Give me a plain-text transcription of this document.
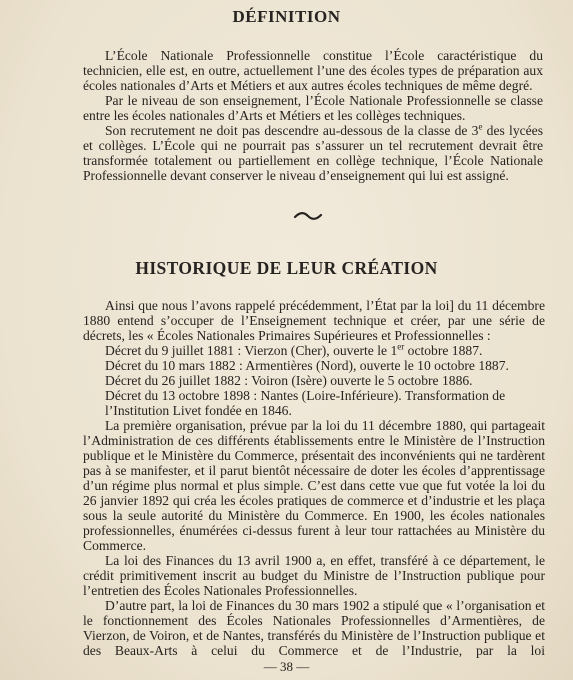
DÉFINITION

L’École Nationale Professionnelle constitue l’École caractéristique du technicien, elle est, en outre, actuellement l’une des écoles types de préparation aux écoles nationales d’Arts et Métiers et aux autres écoles techniques de même degré.

Par le niveau de son enseignement, l’École Nationale Professionnelle se classe entre les écoles nationales d’Arts et Métiers et les collèges techniques.

Son recrutement ne doit pas descendre au-dessous de la classe de 3e des lycées et collèges. L’École qui ne pourrait pas s’assurer un tel recrutement devrait être transformée totalement ou partiellement en collège technique, l’École Nationale Professionnelle devant conserver le niveau d’enseignement qui lui est assigné.

HISTORIQUE DE LEUR CRÉATION

Ainsi que nous l’avons rappelé précédemment, l’État par la loi] du 11 décembre 1880 entend s’occuper de l’Enseignement technique et créer, par une série de décrets, les « Écoles Nationales Primaires Supérieures et Professionnelles :

Décret du 9 juillet 1881 : Vierzon (Cher), ouverte le 1er octobre 1887.

Décret du 10 mars 1882 : Armentières (Nord), ouverte le 10 octobre 1887.

Décret du 26 juillet 1882 : Voiron (Isère) ouverte le 5 octobre 1886.

Décret du 13 octobre 1898 : Nantes (Loire-Inférieure). Transformation de l’Institution Livet fondée en 1846.

La première organisation, prévue par la loi du 11 décembre 1880, qui partageait l’Administration de ces différents établissements entre le Ministère de l’Instruction publique et le Ministère du Commerce, présentait des inconvénients qui ne tardèrent pas à se manifester, et il parut bientôt nécessaire de doter les écoles d’apprentissage d’un régime plus normal et plus simple. C’est dans cette vue que fut votée la loi du 26 janvier 1892 qui créa les écoles pratiques de commerce et d’industrie et les plaça sous la seule autorité du Ministère du Commerce. En 1900, les écoles nationales professionnelles, énumérées ci-dessus furent à leur tour rattachées au Ministère du Commerce.

La loi des Finances du 13 avril 1900 a, en effet, transféré à ce département, le crédit primitivement inscrit au budget du Ministre de l’Instruction publique pour l’entretien des Écoles Nationales Professionnelles.

D’autre part, la loi de Finances du 30 mars 1902 a stipulé que « l’organisation et le fonctionnement des Écoles Nationales Professionnelles d’Armentières, de Vierzon, de Voiron, et de Nantes, transférés du Ministère de l’Instruction publique et des Beaux-Arts à celui du Commerce et de l’Industrie, par la loi

— 38 —
